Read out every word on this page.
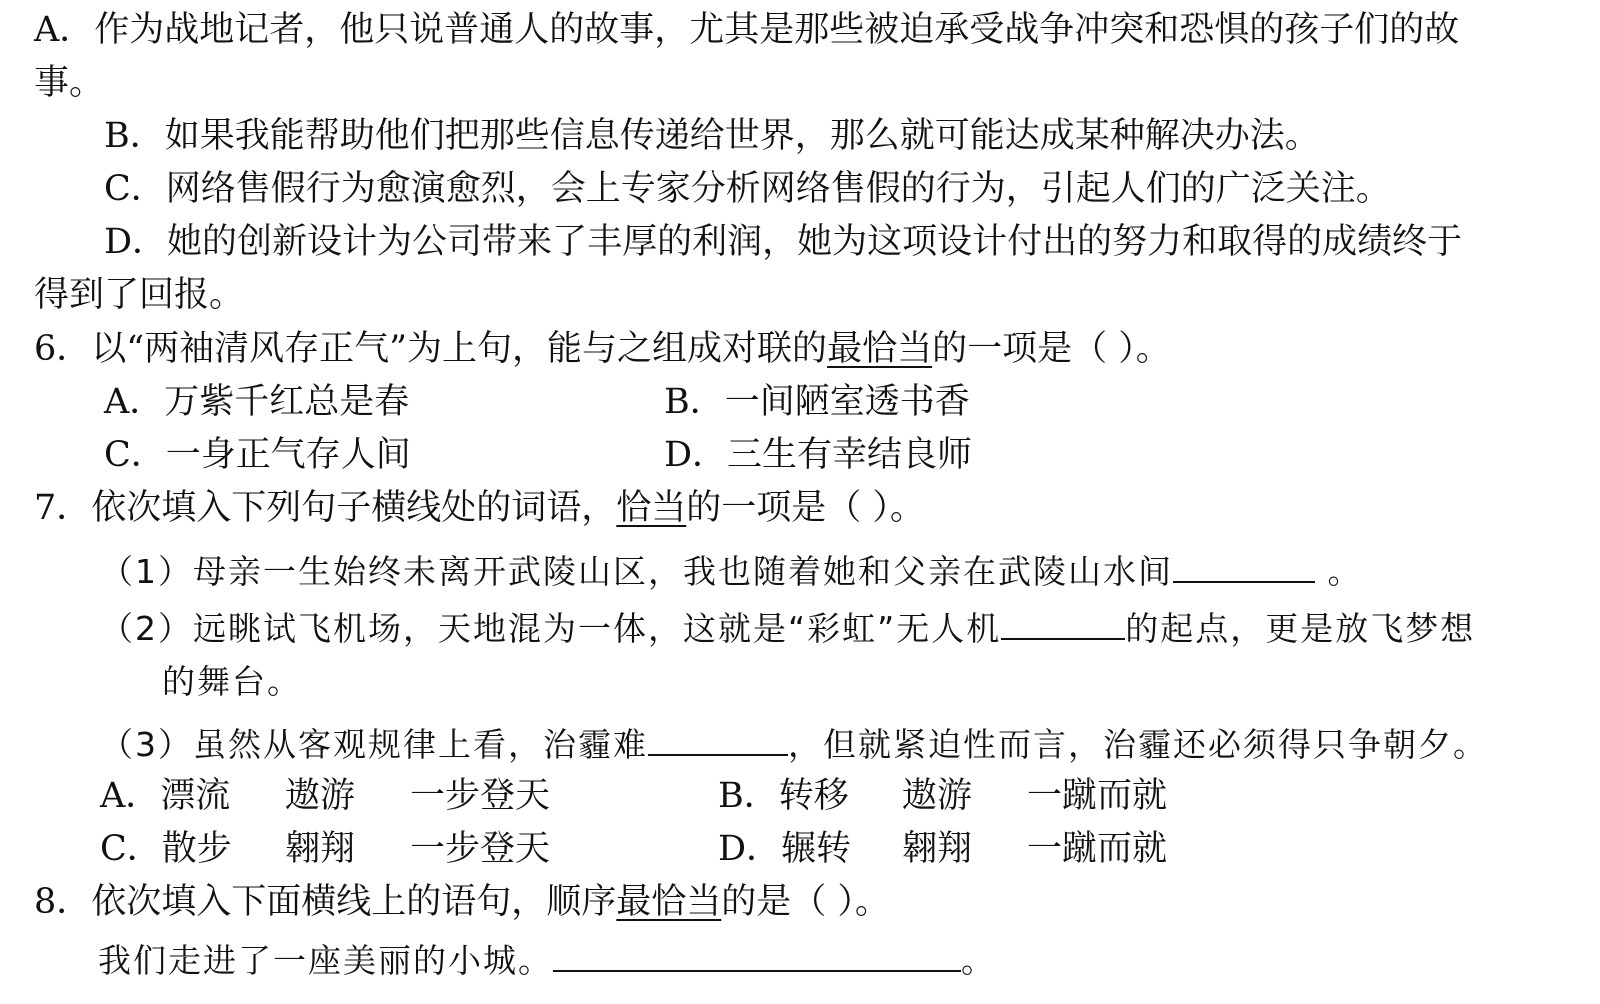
A．作为战地记者，他只说普通人的故事，尤其是那些被迫承受战争冲突和恐惧的孩子们的故
事。
B．如果我能帮助他们把那些信息传递给世界，那么就可能达成某种解决办法。
C．网络售假行为愈演愈烈，会上专家分析网络售假的行为，引起人们的广泛关注。
D．她的创新设计为公司带来了丰厚的利润，她为这项设计付出的努力和取得的成绩终于
得到了回报。
6．以“两袖清风存正气”为上句，能与之组成对联的最恰当的一项是（ ）。
A．万紫千红总是春	B．一间陋室透书香
C．一身正气存人间	D．三生有幸结良师
7．依次填入下列句子横线处的词语，恰当的一项是（ ）。
（1）母亲一生始终未离开武陵山区，我也随着她和父亲在武陵山水间	。
（2）远眺试飞机场，天地混为一体，这就是“彩虹”无人机	的起点，更是放飞梦想
的舞台。
（3）虽然从客观规律上看，治霾难	，但就紧迫性而言，治霾还必须得只争朝夕。
A．漂流 遨游 一步登天	B．转移 遨游 一蹴而就
C．散步 翱翔 一步登天	D．辗转 翱翔 一蹴而就
8．依次填入下面横线上的语句，顺序最恰当的是（ ）。
我们走进了一座美丽的小城。	。
